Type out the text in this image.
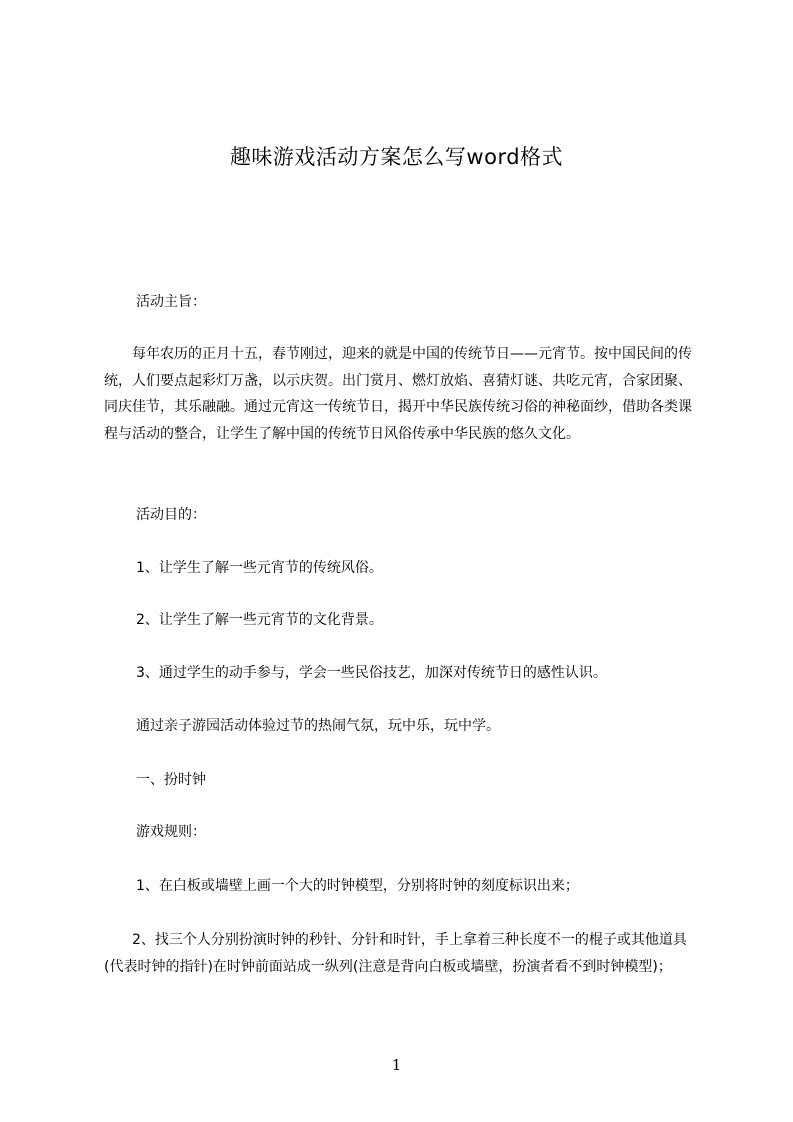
趣味游戏活动方案怎么写word格式

活动主旨：

每年农历的正月十五，春节刚过，迎来的就是中国的传统节日——元宵节。按中国民间的传统，人们要点起彩灯万盏，以示庆贺。出门赏月、燃灯放焰、喜猜灯谜、共吃元宵，合家团聚、同庆佳节，其乐融融。通过元宵这一传统节日，揭开中华民族传统习俗的神秘面纱，借助各类课程与活动的整合，让学生了解中国的传统节日风俗传承中华民族的悠久文化。

活动目的：

1、让学生了解一些元宵节的传统风俗。

2、让学生了解一些元宵节的文化背景。

3、通过学生的动手参与，学会一些民俗技艺，加深对传统节日的感性认识。

通过亲子游园活动体验过节的热闹气氛，玩中乐，玩中学。

一、扮时钟

游戏规则：

1、在白板或墙壁上画一个大的时钟模型，分别将时钟的刻度标识出来；

2、找三个人分别扮演时钟的秒针、分针和时针，手上拿着三种长度不一的棍子或其他道具(代表时钟的指针)在时钟前面站成一纵列(注意是背向白板或墙壁，扮演者看不到时钟模型)；

1
